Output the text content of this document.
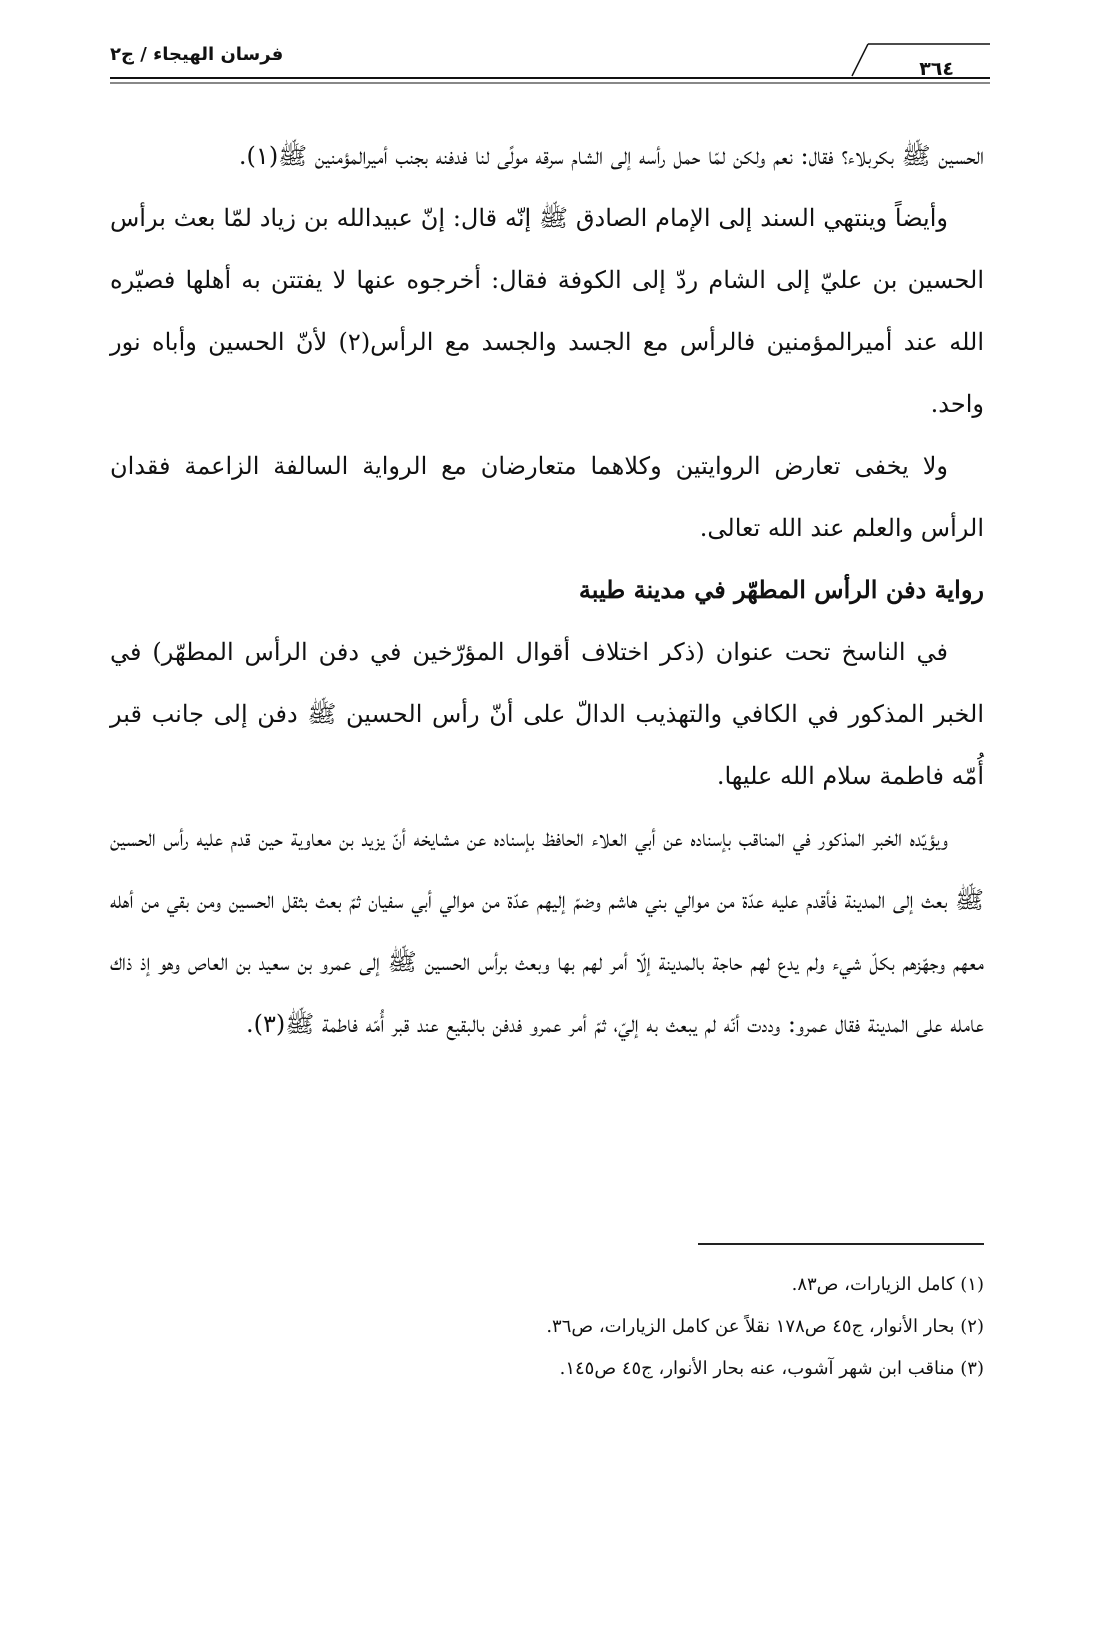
فرسان الهيجاء / ج٢
٣٦٤

الحسين ﷺ بكربلاء؟ فقال: نعم ولكن لمّا حمل رأسه إلى الشام سرقه مولًى لنا فدفنه بجنب أميرالمؤمنين ﷺ(١).

وأيضاً وينتهي السند إلى الإمام الصادق ﷺ إنّه قال: إنّ عبيدالله بن زياد لمّا بعث برأس الحسين بن عليّ إلى الشام ردّ إلى الكوفة فقال: أخرجوه عنها لا يفتتن به أهلها فصيّره الله عند أميرالمؤمنين فالرأس مع الجسد والجسد مع الرأس(٢) لأنّ الحسين وأباه نور واحد.

ولا يخفى تعارض الروايتين وكلاهما متعارضان مع الرواية السالفة الزاعمة فقدان الرأس والعلم عند الله تعالى.

رواية دفن الرأس المطهّر في مدينة طيبة

في الناسخ تحت عنوان (ذكر اختلاف أقوال المؤرّخين في دفن الرأس المطهّر) في الخبر المذكور في الكافي والتهذيب الدالّ على أنّ رأس الحسين ﷺ دفن إلى جانب قبر أُمّه فاطمة سلام الله عليها.

ويؤيّده الخبر المذكور في المناقب بإسناده عن أبي العلاء الحافظ بإسناده عن مشايخه أنّ يزيد بن معاوية حين قدم عليه رأس الحسين ﷺ بعث إلى المدينة فأقدم عليه عدّة من موالي بني هاشم وضمّ إليهم عدّة من موالي أبي سفيان ثمّ بعث بثقل الحسين ومن بقي من أهله معهم وجهّزهم بكلّ شيء ولم يدع لهم حاجة بالمدينة إلّا أمر لهم بها وبعث برأس الحسين ﷺ إلى عمرو بن سعيد بن العاص وهو إذ ذاك عامله على المدينة فقال عمرو: وددت أنّه لم يبعث به إليّ، ثمّ أمر عمرو فدفن بالبقيع عند قبر أُمّه فاطمة ﷺ(٣).

(١) كامل الزيارات، ص٨٣.

(٢) بحار الأنوار، ج٤٥ ص١٧٨ نقلاً عن كامل الزيارات، ص٣٦.

(٣) مناقب ابن شهر آشوب، عنه بحار الأنوار، ج٤٥ ص١٤٥.
